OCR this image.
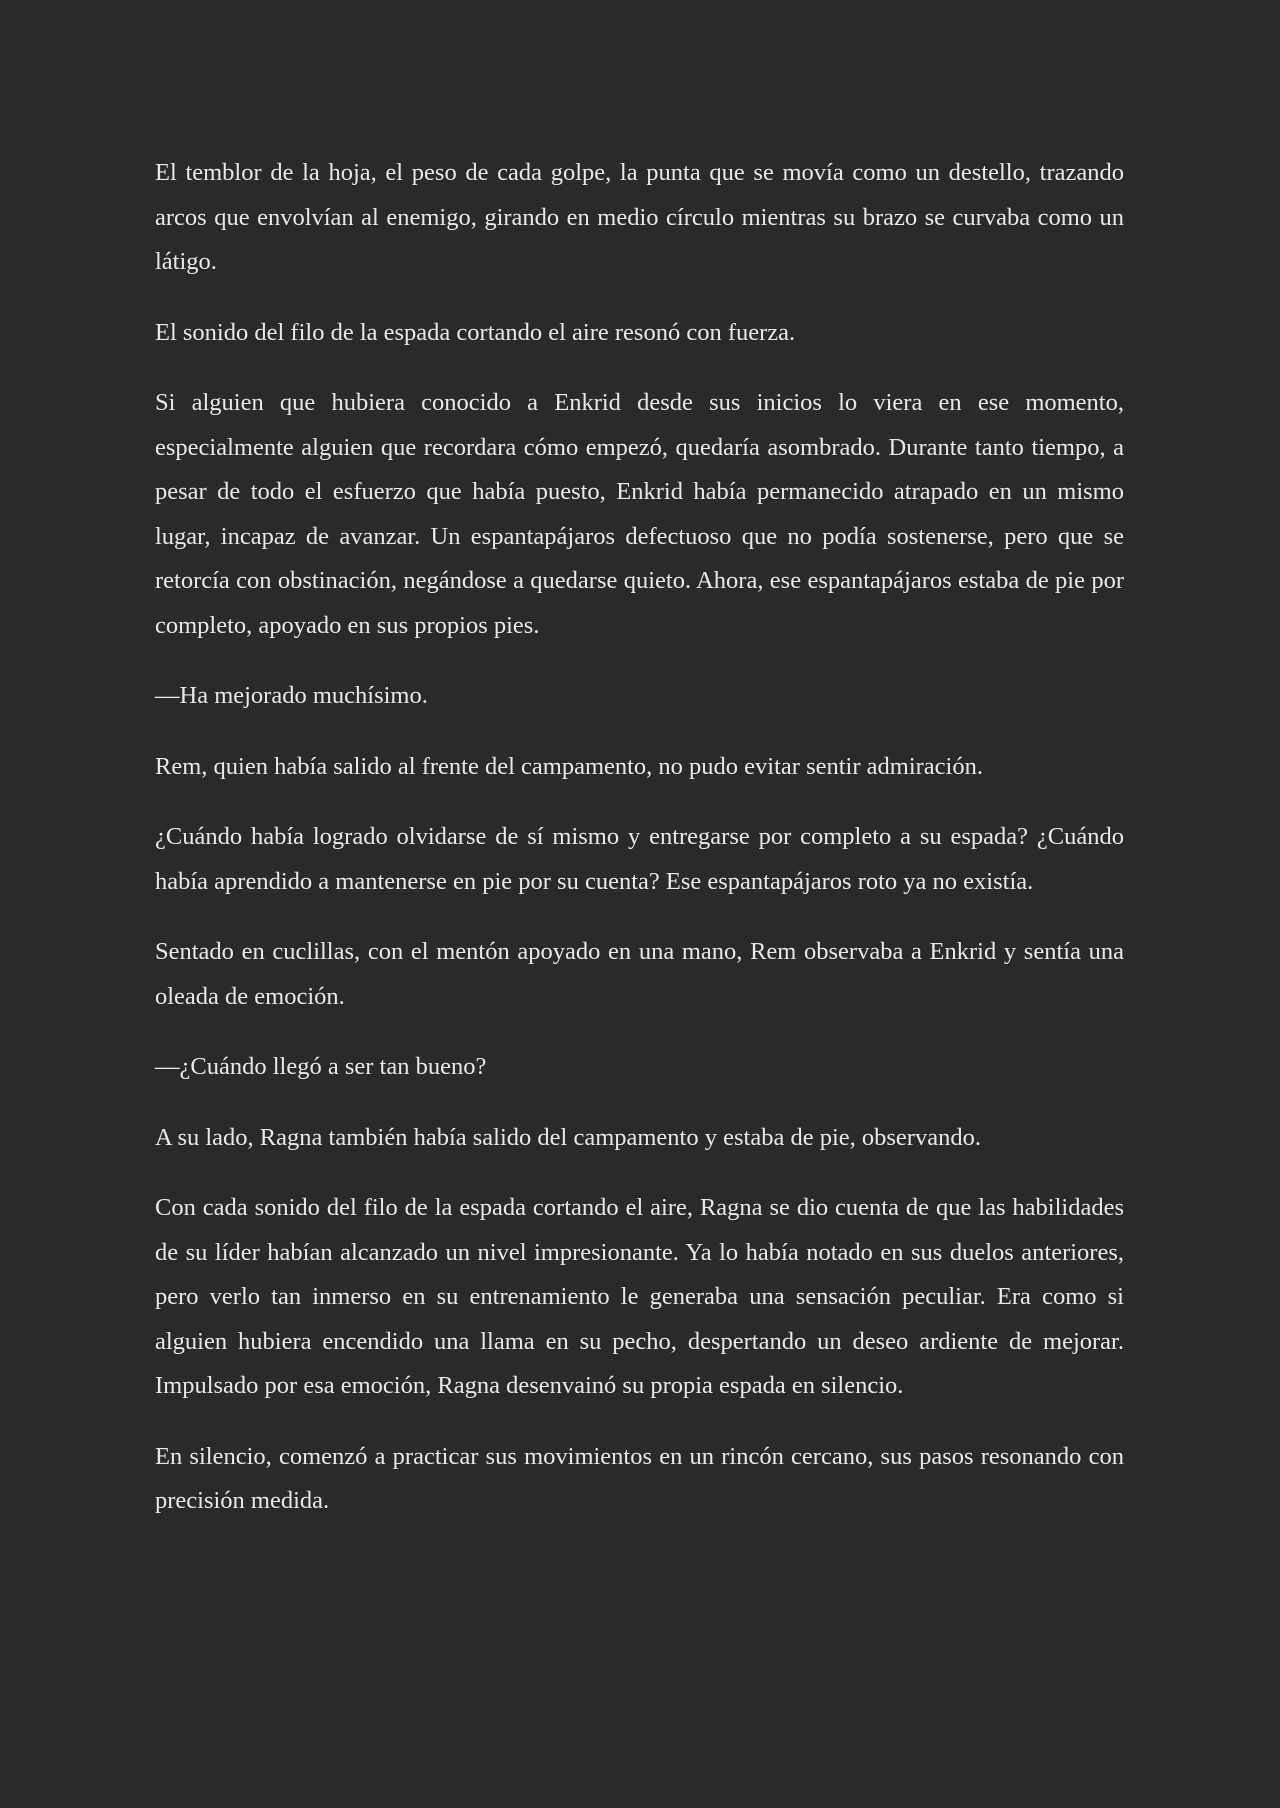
El temblor de la hoja, el peso de cada golpe, la punta que se movía como un destello, trazando arcos que envolvían al enemigo, girando en medio círculo mientras su brazo se curvaba como un látigo.

El sonido del filo de la espada cortando el aire resonó con fuerza.

Si alguien que hubiera conocido a Enkrid desde sus inicios lo viera en ese momento, especialmente alguien que recordara cómo empezó, quedaría asombrado. Durante tanto tiempo, a pesar de todo el esfuerzo que había puesto, Enkrid había permanecido atrapado en un mismo lugar, incapaz de avanzar. Un espantapájaros defectuoso que no podía sostenerse, pero que se retorcía con obstinación, negándose a quedarse quieto. Ahora, ese espantapájaros estaba de pie por completo, apoyado en sus propios pies.

—Ha mejorado muchísimo.

Rem, quien había salido al frente del campamento, no pudo evitar sentir admiración.

¿Cuándo había logrado olvidarse de sí mismo y entregarse por completo a su espada? ¿Cuándo había aprendido a mantenerse en pie por su cuenta? Ese espantapájaros roto ya no existía.

Sentado en cuclillas, con el mentón apoyado en una mano, Rem observaba a Enkrid y sentía una oleada de emoción.

—¿Cuándo llegó a ser tan bueno?

A su lado, Ragna también había salido del campamento y estaba de pie, observando.

Con cada sonido del filo de la espada cortando el aire, Ragna se dio cuenta de que las habilidades de su líder habían alcanzado un nivel impresionante. Ya lo había notado en sus duelos anteriores, pero verlo tan inmerso en su entrenamiento le generaba una sensación peculiar. Era como si alguien hubiera encendido una llama en su pecho, despertando un deseo ardiente de mejorar. Impulsado por esa emoción, Ragna desenvainó su propia espada en silencio.

En silencio, comenzó a practicar sus movimientos en un rincón cercano, sus pasos resonando con precisión medida.
